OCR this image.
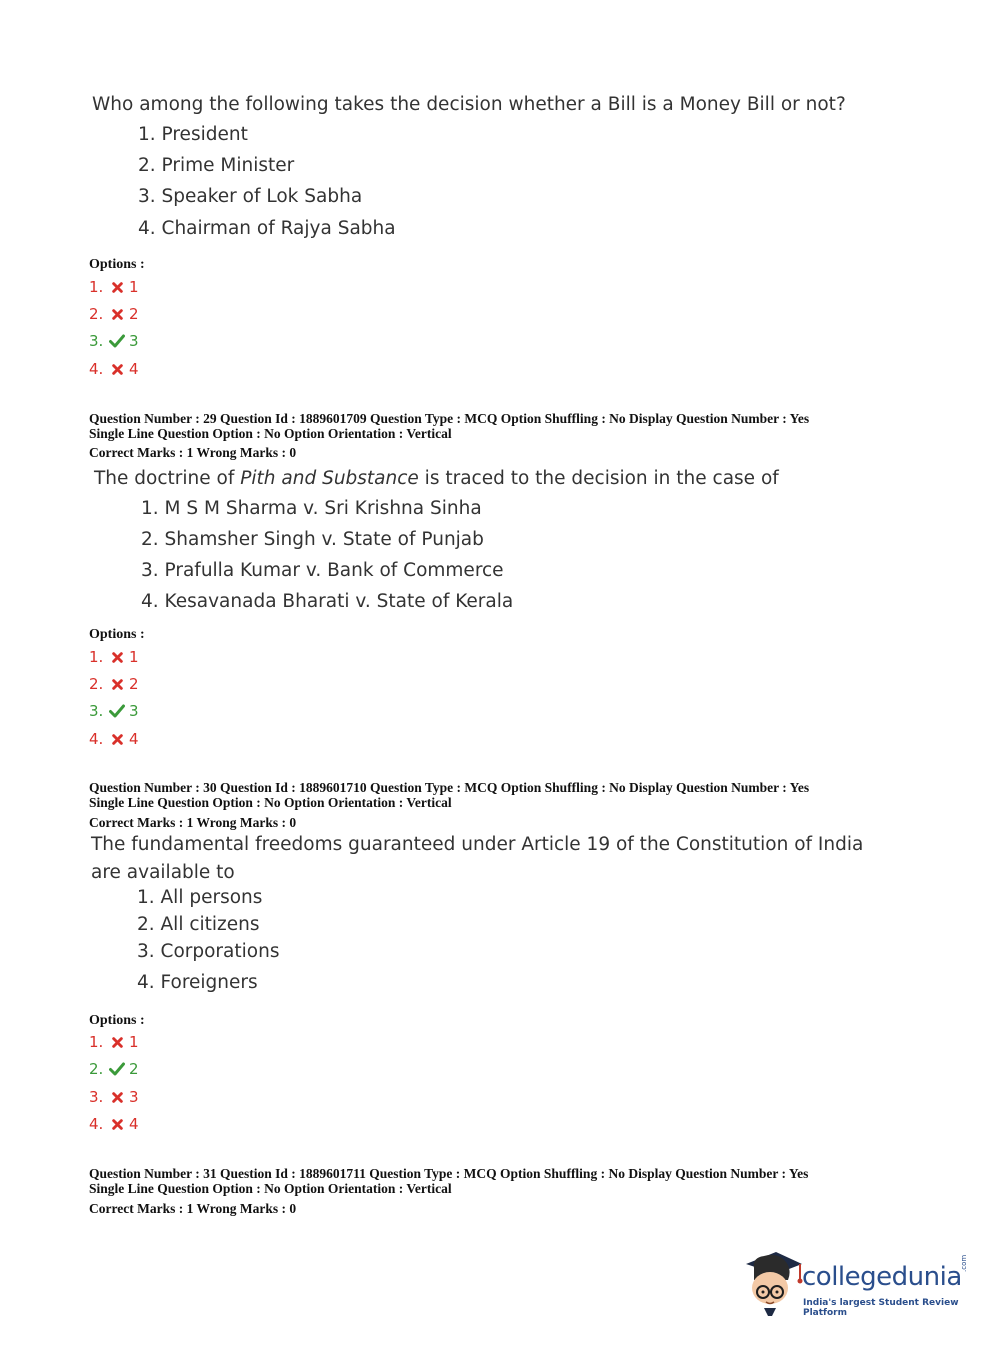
Who among the following takes the decision whether a Bill is a Money Bill or not?
1. President
2. Prime Minister
3. Speaker of Lok Sabha
4. Chairman of Rajya Sabha
Options :
1.	1
2.	2
3.	3
4.	4
Question Number : 29 Question Id : 1889601709 Question Type : MCQ Option Shuffling : No Display Question Number : Yes
Single Line Question Option : No Option Orientation : Vertical
Correct Marks : 1 Wrong Marks : 0
The doctrine of Pith and Substance is traced to the decision in the case of
1. M S M Sharma v. Sri Krishna Sinha
2. Shamsher Singh v. State of Punjab
3. Prafulla Kumar v. Bank of Commerce
4. Kesavanada Bharati v. State of Kerala
Options :
1.	1
2.	2
3.	3
4.	4
Question Number : 30 Question Id : 1889601710 Question Type : MCQ Option Shuffling : No Display Question Number : Yes
Single Line Question Option : No Option Orientation : Vertical
Correct Marks : 1 Wrong Marks : 0
The fundamental freedoms guaranteed under Article 19 of the Constitution of India are available to
1. All persons
2. All citizens
3. Corporations
4. Foreigners
Options :
1.	1
2.	2
3.	3
4.	4
Question Number : 31 Question Id : 1889601711 Question Type : MCQ Option Shuffling : No Display Question Number : Yes
Single Line Question Option : No Option Orientation : Vertical
Correct Marks : 1 Wrong Marks : 0
collegedunia
.com
India's largest Student Review Platform
